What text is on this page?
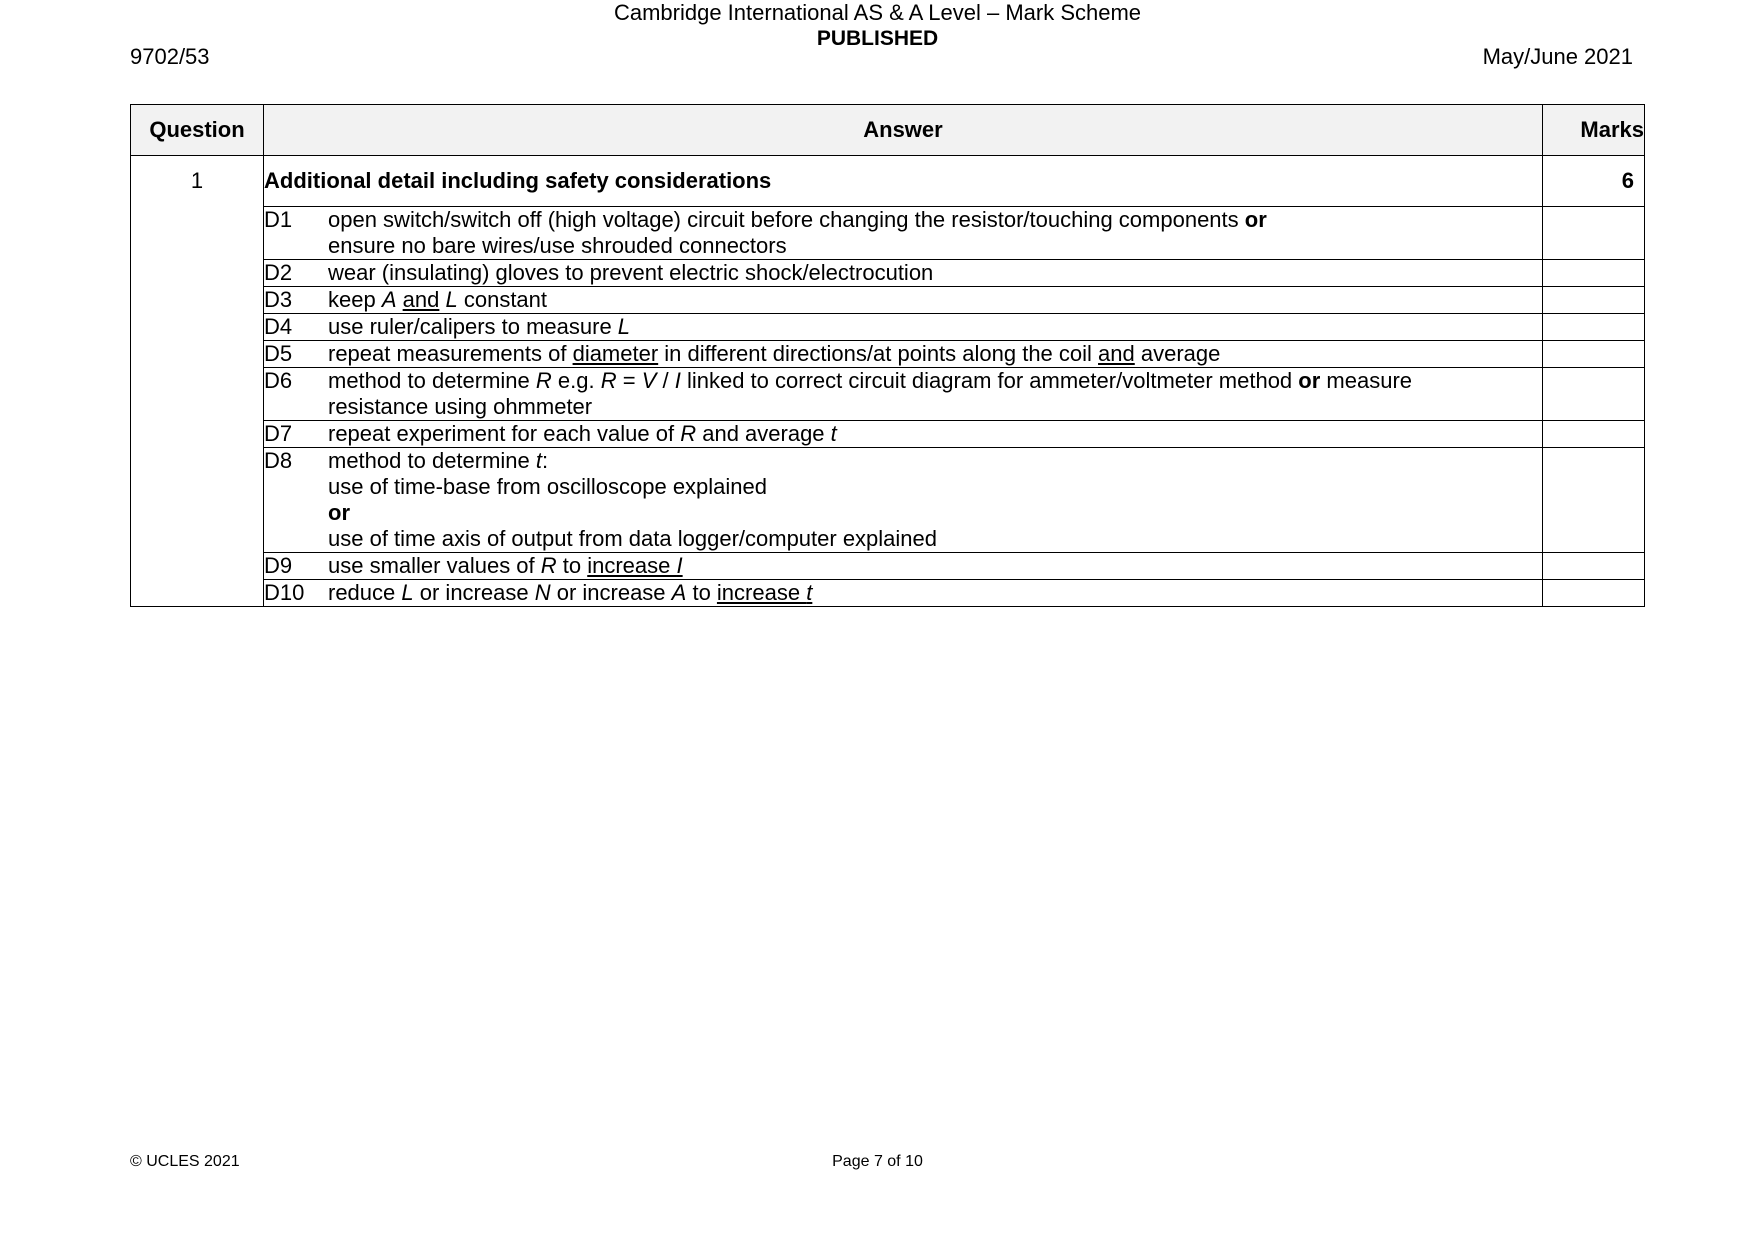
9702/53
Cambridge International AS & A Level – Mark Scheme
PUBLISHED
May/June 2021
Question	Answer	Marks
1	Additional detail including safety considerations	6

	D1 open switch/switch off (high voltage) circuit before changing the resistor/touching components or
ensure no bare wires/use shrouded connectors	

	D2 wear (insulating) gloves to prevent electric shock/electrocution	

	D3 keep A and L constant	

	D4 use ruler/calipers to measure L	

	D5 repeat measurements of diameter in different directions/at points along the coil and average	

	D6 method to determine R e.g. R = V / I linked to correct circuit diagram for ammeter/voltmeter method or measure
resistance using ohmmeter	

	D7 repeat experiment for each value of R and average t	

	D8 method to determine t:
use of time-base from oscilloscope explained
or
use of time axis of output from data logger/computer explained	

	D9 use smaller values of R to increase I	

	D10 reduce L or increase N or increase A to increase t	

© UCLES 2021	Page 7 of 10
